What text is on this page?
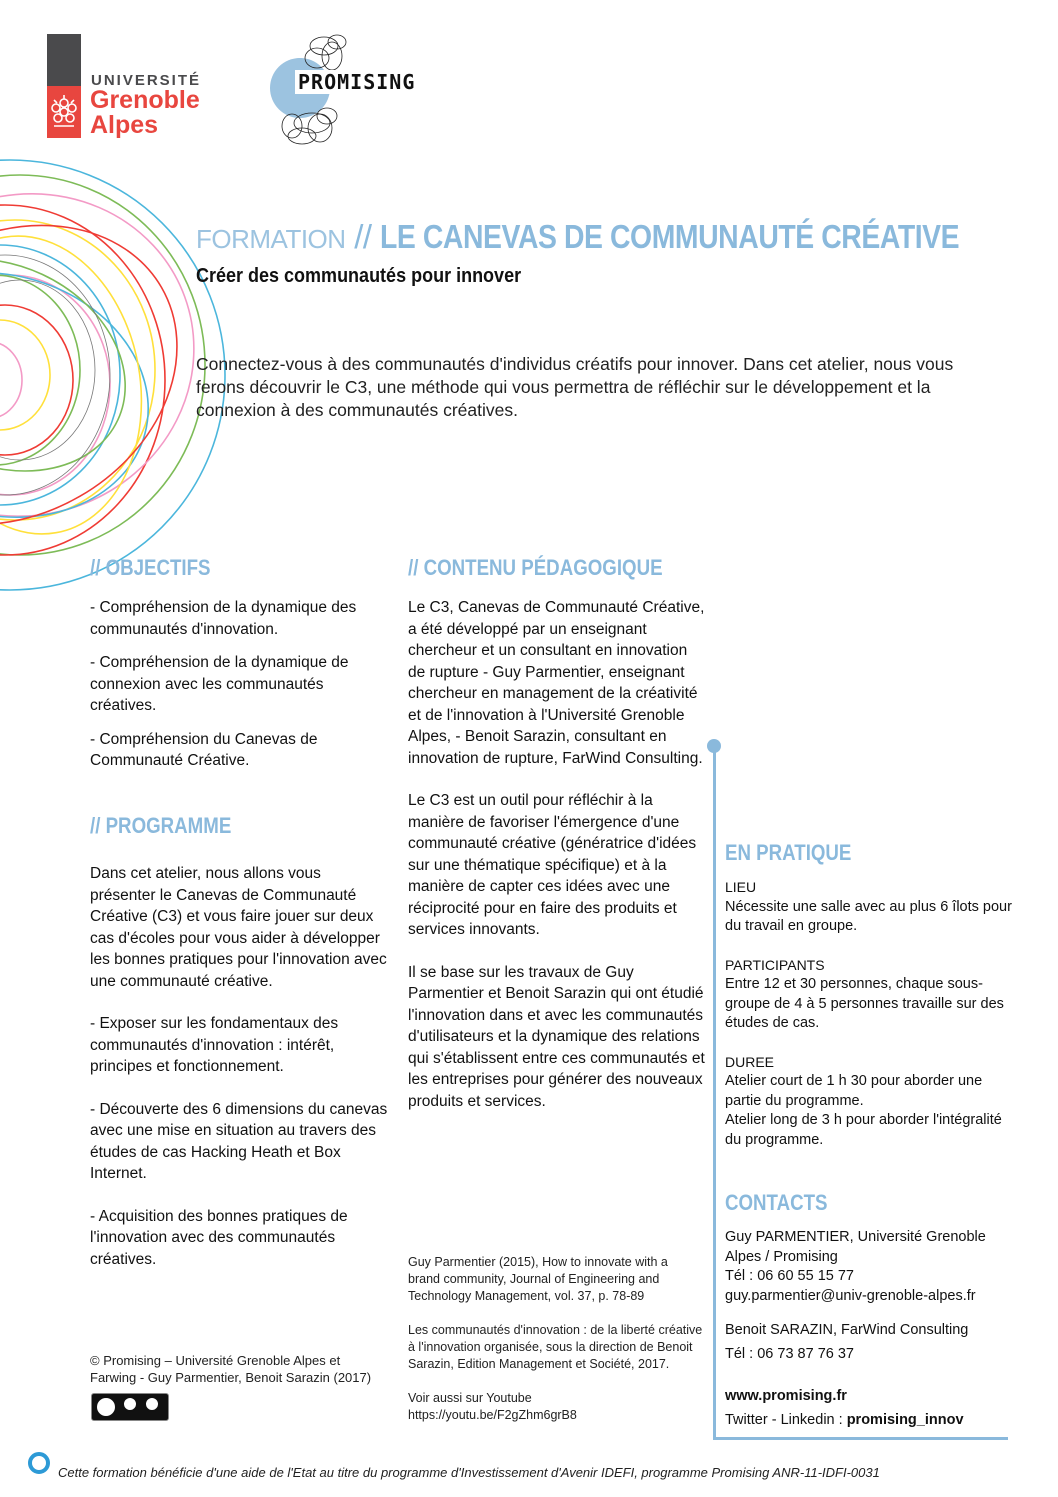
UNIVERSITÉ
Grenoble
Alpes
PROMISING
FORMATION // LE CANEVAS DE COMMUNAUTÉ CRÉATIVE
Créer des communautés pour innover
Connectez-vous à des communautés d'individus créatifs pour innover. Dans cet atelier, nous vous ferons découvrir le C3, une méthode qui vous permettra de réfléchir sur le développement et la connexion à des communautés créatives.
// OBJECTIFS
- Compréhension de la dynamique des communautés d'innovation.
- Compréhension de la dynamique de connexion avec les communautés créatives.
- Compréhension du Canevas de Communauté Créative.
// PROGRAMME
Dans cet atelier, nous allons vous présenter le Canevas de Communauté Créative (C3) et vous faire jouer sur deux cas d'écoles pour vous aider à développer les bonnes pratiques pour l'innovation avec une communauté créative.
- Exposer sur les fondamentaux des communautés d'innovation : intérêt, principes et fonctionnement.
- Découverte des 6 dimensions du canevas avec une mise en situation au travers des études de cas Hacking Heath et Box Internet.
- Acquisition des bonnes pratiques de l'innovation avec des communautés créatives.
© Promising – Université Grenoble Alpes et Farwing - Guy Parmentier, Benoit Sarazin (2017)
// CONTENU PÉDAGOGIQUE
Le C3, Canevas de Communauté Créative, a été développé par un enseignant chercheur et un consultant en innovation de rupture - Guy Parmentier, enseignant chercheur en management de la créativité et de l'innovation à l'Université Grenoble Alpes, - Benoit Sarazin, consultant en innovation de rupture, FarWind Consulting.
Le C3 est un outil pour réfléchir à la manière de favoriser l'émergence d'une communauté créative (génératrice d'idées sur une thématique spécifique) et à la manière de capter ces idées avec une réciprocité pour en faire des produits et services innovants.
Il se base sur les travaux de Guy Parmentier et Benoit Sarazin qui ont étudié l'innovation dans et avec les communautés d'utilisateurs et la dynamique des relations qui s'établissent entre ces communautés et les entreprises pour générer des nouveaux produits et services.
Guy Parmentier (2015), How to innovate with a brand community, Journal of Engineering and Technology Management, vol. 37, p. 78-89
Les communautés d'innovation : de la liberté créative à l'innovation organisée, sous la direction de Benoit Sarazin, Edition Management et Société, 2017.
Voir aussi sur Youtube https://youtu.be/F2gZhm6grB8
EN PRATIQUE
LIEU
Nécessite une salle avec au plus 6 îlots pour du travail en groupe.
PARTICIPANTS
Entre 12 et 30 personnes, chaque sous-groupe de 4 à 5 personnes travaille sur des études de cas.
DUREE
Atelier court de 1 h 30 pour aborder une partie du programme.
Atelier long de 3 h pour aborder l'intégralité du programme.
CONTACTS
Guy PARMENTIER, Université Grenoble Alpes / Promising
Tél : 06 60 55 15 77
guy.parmentier@univ-grenoble-alpes.fr
Benoit SARAZIN, FarWind Consulting
Tél : 06 73 87 76 37
www.promising.fr
Twitter - Linkedin : promising_innov
Cette formation bénéficie d'une aide de l'Etat au titre du programme d'Investissement d'Avenir IDEFI, programme Promising ANR-11-IDFI-0031
